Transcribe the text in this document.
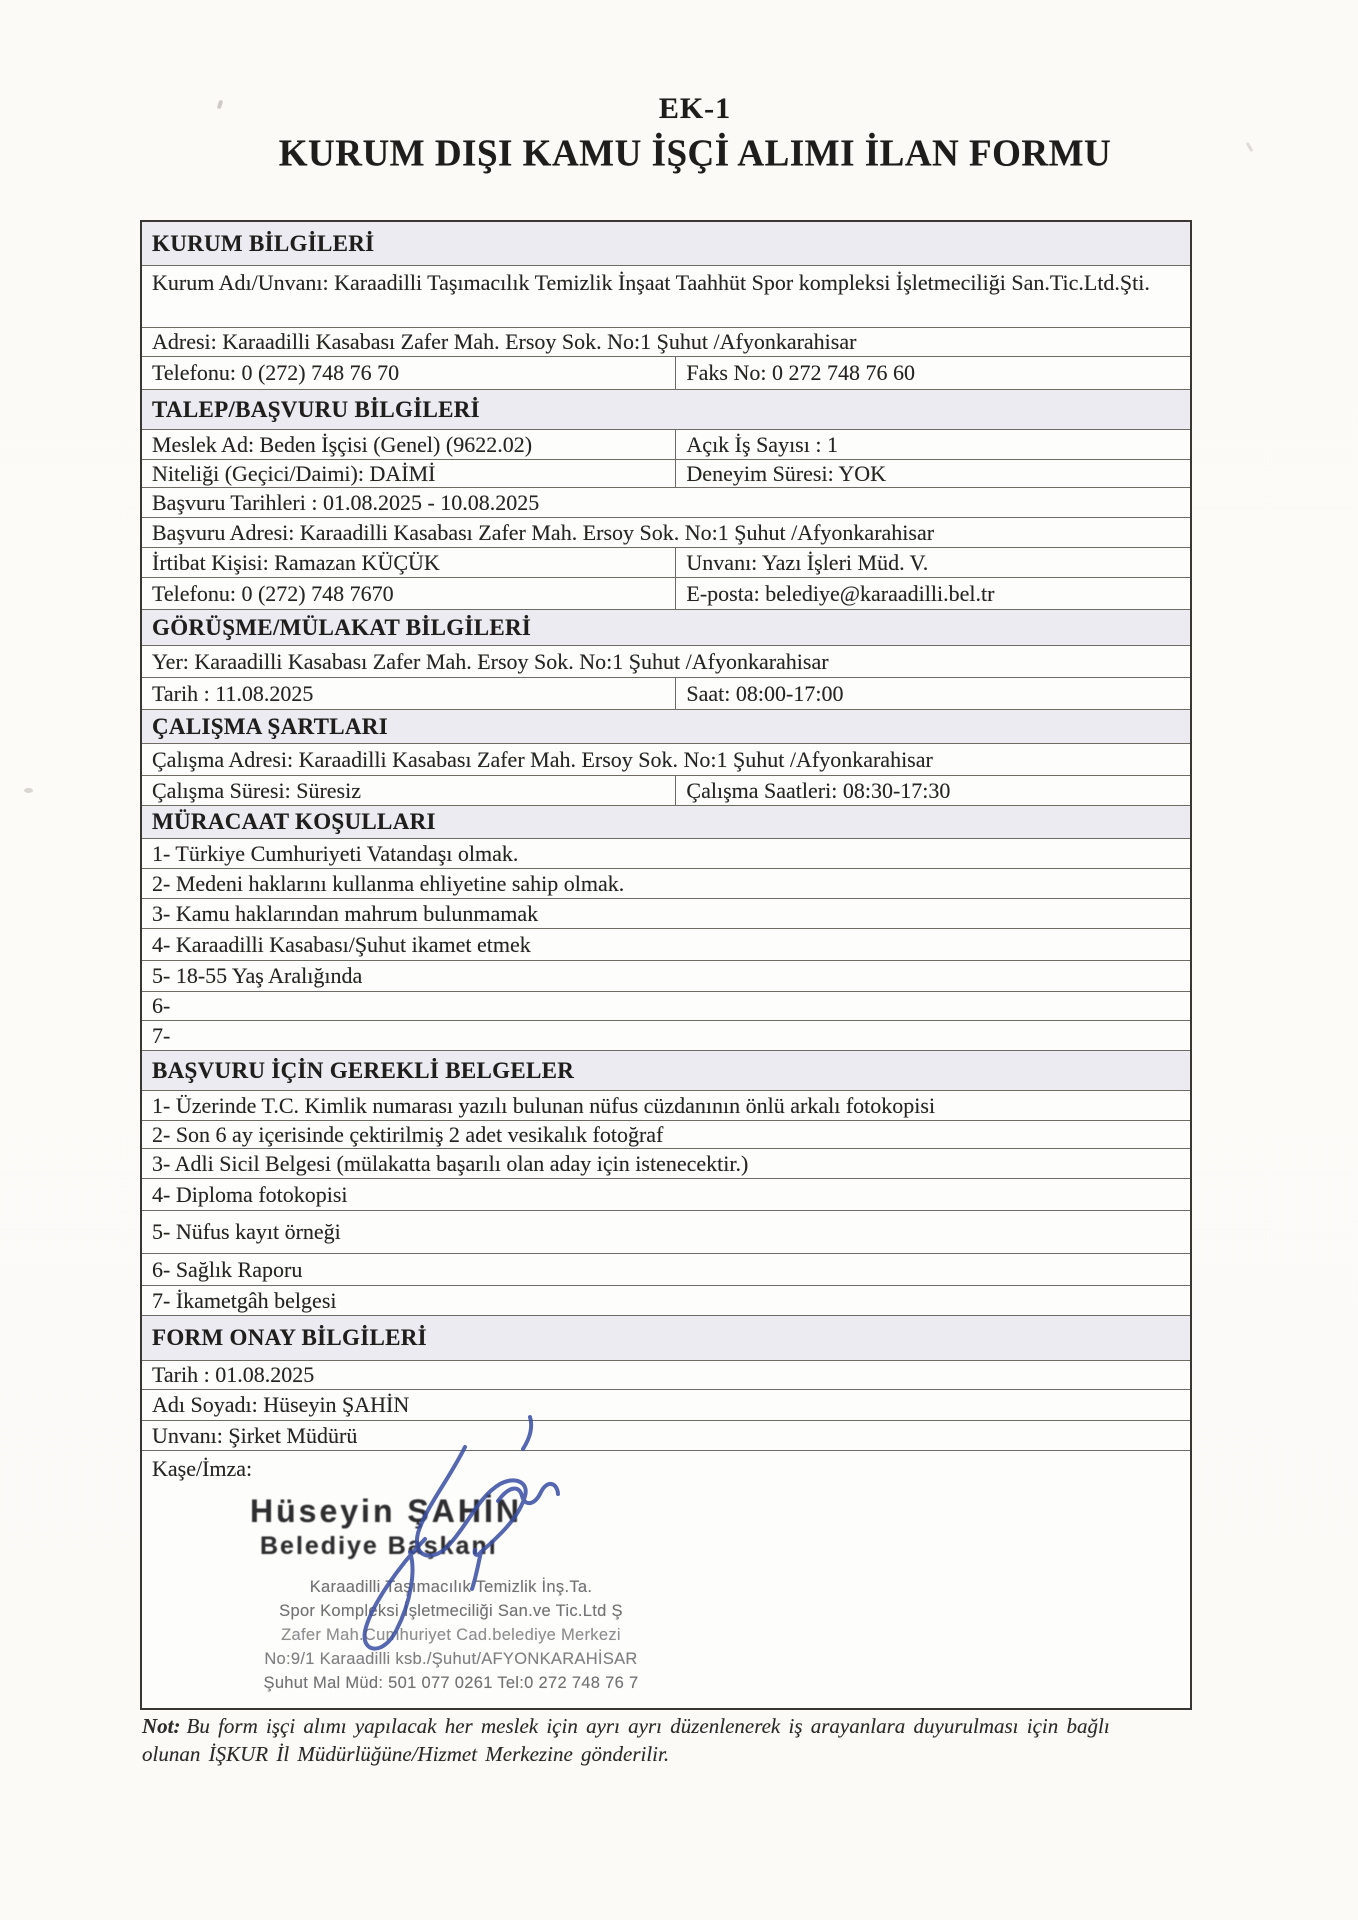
EK-1
KURUM DIŞI KAMU İŞÇİ ALIMI İLAN FORMU
KURUM BİLGİLERİ
Kurum Adı/Unvanı: Karaadilli Taşımacılık Temizlik İnşaat Taahhüt Spor kompleksi İşletmeciliği San.Tic.Ltd.Şti.
Adresi: Karaadilli Kasabası Zafer Mah. Ersoy Sok. No:1 Şuhut /Afyonkarahisar
Telefonu: 0 (272) 748 76 70	Faks No: 0 272 748 76 60
TALEP/BAŞVURU BİLGİLERİ
Meslek Ad: Beden İşçisi (Genel) (9622.02)	Açık İş Sayısı : 1
Niteliği (Geçici/Daimi): DAİMİ	Deneyim Süresi: YOK
Başvuru Tarihleri : 01.08.2025 - 10.08.2025
Başvuru Adresi: Karaadilli Kasabası Zafer Mah. Ersoy Sok. No:1 Şuhut /Afyonkarahisar
İrtibat Kişisi: Ramazan KÜÇÜK	Unvanı: Yazı İşleri Müd. V.
Telefonu: 0 (272) 748 7670	E-posta: belediye@karaadilli.bel.tr
GÖRÜŞME/MÜLAKAT BİLGİLERİ
Yer: Karaadilli Kasabası Zafer Mah. Ersoy Sok. No:1 Şuhut /Afyonkarahisar
Tarih : 11.08.2025	Saat: 08:00-17:00
ÇALIŞMA ŞARTLARI
Çalışma Adresi: Karaadilli Kasabası Zafer Mah. Ersoy Sok. No:1 Şuhut /Afyonkarahisar
Çalışma Süresi: Süresiz	Çalışma Saatleri: 08:30-17:30
MÜRACAAT KOŞULLARI
1- Türkiye Cumhuriyeti Vatandaşı olmak.
2- Medeni haklarını kullanma ehliyetine sahip olmak.
3- Kamu haklarından mahrum bulunmamak
4- Karaadilli Kasabası/Şuhut ikamet etmek
5- 18-55 Yaş Aralığında
6-
7-
BAŞVURU İÇİN GEREKLİ BELGELER
1- Üzerinde T.C. Kimlik numarası yazılı bulunan nüfus cüzdanının önlü arkalı fotokopisi
2- Son 6 ay içerisinde çektirilmiş 2 adet vesikalık fotoğraf
3- Adli Sicil Belgesi (mülakatta başarılı olan aday için istenecektir.)
4- Diploma fotokopisi
5- Nüfus kayıt örneği
6- Sağlık Raporu
7- İkametgâh belgesi
FORM ONAY BİLGİLERİ
Tarih : 01.08.2025
Adı Soyadı: Hüseyin ŞAHİN
Unvanı: Şirket Müdürü
Kaşe/İmza:
Hüseyin ŞAHİN
Belediye Başkanı
Karaadilli Taşımacılık Temizlik İnş.Ta.
Spor Kompleksi İşletmeciliği San.ve Tic.Ltd Ş
Zafer Mah.Cumhuriyet Cad.belediye Merkezi
No:9/1 Karaadilli ksb./Şuhut/AFYONKARAHİSAR
Şuhut Mal Müd: 501 077 0261 Tel:0 272 748 76 7
Not: Bu form işçi alımı yapılacak her meslek için ayrı ayrı düzenlenerek iş arayanlara duyurulması için bağlı
olunan İŞKUR İl Müdürlüğüne/Hizmet Merkezine gönderilir.
